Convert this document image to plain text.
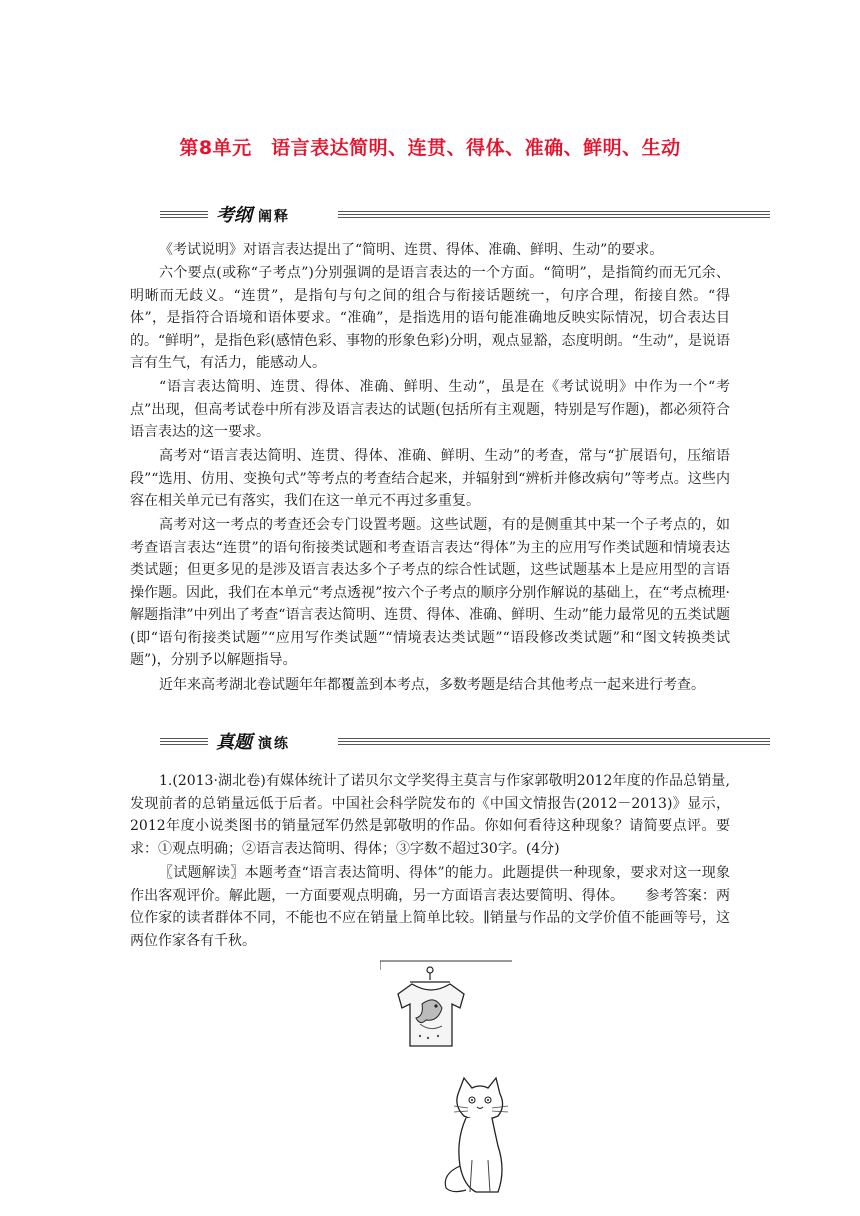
第8单元　语言表达简明、连贯、得体、准确、鲜明、生动
考纲 阐释

《考试说明》对语言表达提出了“简明、连贯、得体、准确、鲜明、生动”的要求。

六个要点(或称“子考点”)分别强调的是语言表达的一个方面。“简明”，是指简约而无冗余、明晰而无歧义。“连贯”，是指句与句之间的组合与衔接话题统一，句序合理，衔接自然。“得体”，是指符合语境和语体要求。“准确”，是指选用的语句能准确地反映实际情况，切合表达目的。“鲜明”，是指色彩(感情色彩、事物的形象色彩)分明，观点显豁，态度明朗。“生动”，是说语言有生气，有活力，能感动人。

“语言表达简明、连贯、得体、准确、鲜明、生动”，虽是在《考试说明》中作为一个“考点”出现，但高考试卷中所有涉及语言表达的试题(包括所有主观题，特别是写作题)，都必须符合语言表达的这一要求。

高考对“语言表达简明、连贯、得体、准确、鲜明、生动”的考查，常与“扩展语句，压缩语段”“选用、仿用、变换句式”等考点的考查结合起来，并辐射到“辨析并修改病句”等考点。这些内容在相关单元已有落实，我们在这一单元不再过多重复。

高考对这一考点的考查还会专门设置考题。这些试题，有的是侧重其中某一个子考点的，如考查语言表达“连贯”的语句衔接类试题和考查语言表达“得体”为主的应用写作类试题和情境表达类试题；但更多见的是涉及语言表达多个子考点的综合性试题，这些试题基本上是应用型的言语操作题。因此，我们在本单元“考点透视”按六个子考点的顺序分别作解说的基础上，在“考点梳理·解题指津”中列出了考查“语言表达简明、连贯、得体、准确、鲜明、生动”能力最常见的五类试题(即“语句衔接类试题”“应用写作类试题”“情境表达类试题”“语段修改类试题”和“图文转换类试题”)，分别予以解题指导。

近年来高考湖北卷试题年年都覆盖到本考点，多数考题是结合其他考点一起来进行考查。

真题 演练

1.(2013·湖北卷)有媒体统计了诺贝尔文学奖得主莫言与作家郭敬明2012年度的作品总销量,发现前者的总销量远低于后者。中国社会科学院发布的《中国文情报告(2012－2013)》显示，2012年度小说类图书的销量冠军仍然是郭敬明的作品。你如何看待这种现象？请简要点评。要求：①观点明确；②语言表达简明、得体；③字数不超过30字。(4分)

〖试题解读〗本题考查“语言表达简明、得体”的能力。此题提供一种现象，要求对这一现象作出客观评价。解此题，一方面要观点明确，另一方面语言表达要简明、得体。　　参考答案：两位作家的读者群体不同，不能也不应在销量上简单比较。∥销量与作品的文学价值不能画等号，这两位作家各有千秋。
